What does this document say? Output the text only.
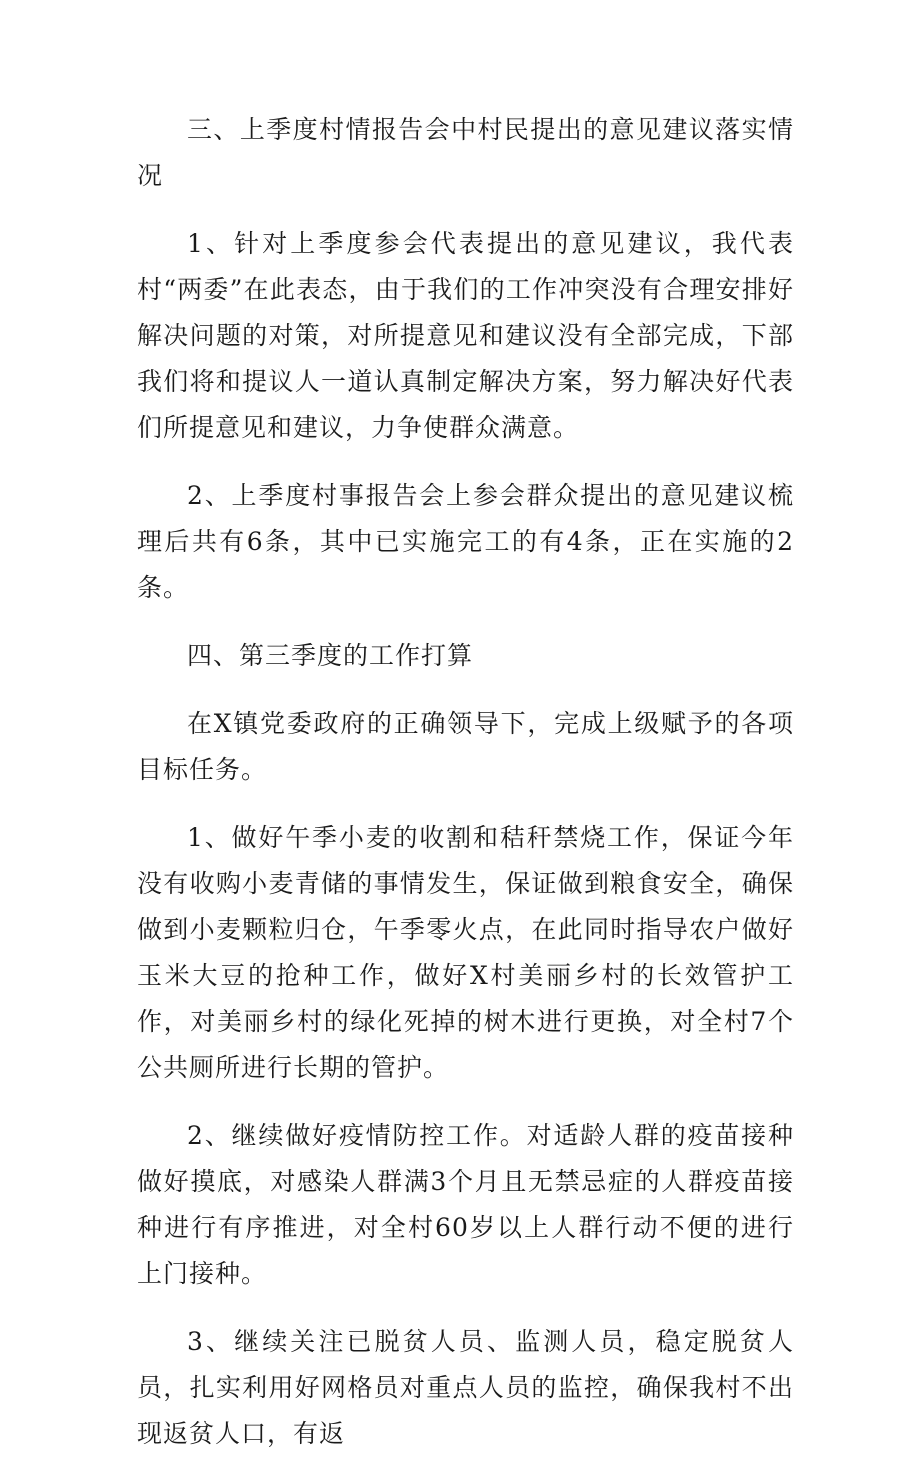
三、上季度村情报告会中村民提出的意见建议落实情况

1、针对上季度参会代表提出的意见建议，我代表村“两委”在此表态，由于我们的工作冲突没有合理安排好解决问题的对策，对所提意见和建议没有全部完成，下部我们将和提议人一道认真制定解决方案，努力解决好代表们所提意见和建议，力争使群众满意。

2、上季度村事报告会上参会群众提出的意见建议梳理后共有6条，其中已实施完工的有4条，正在实施的2条。

四、第三季度的工作打算

在X镇党委政府的正确领导下，完成上级赋予的各项目标任务。

1、做好午季小麦的收割和秸秆禁烧工作，保证今年没有收购小麦青储的事情发生，保证做到粮食安全，确保做到小麦颗粒归仓，午季零火点，在此同时指导农户做好玉米大豆的抢种工作，做好X村美丽乡村的长效管护工作，对美丽乡村的绿化死掉的树木进行更换，对全村7个公共厕所进行长期的管护。

2、继续做好疫情防控工作。对适龄人群的疫苗接种做好摸底，对感染人群满3个月且无禁忌症的人群疫苗接种进行有序推进，对全村60岁以上人群行动不便的进行上门接种。

3、继续关注已脱贫人员、监测人员，稳定脱贫人员，扎实利用好网格员对重点人员的监控，确保我村不出现返贫人口，有返
